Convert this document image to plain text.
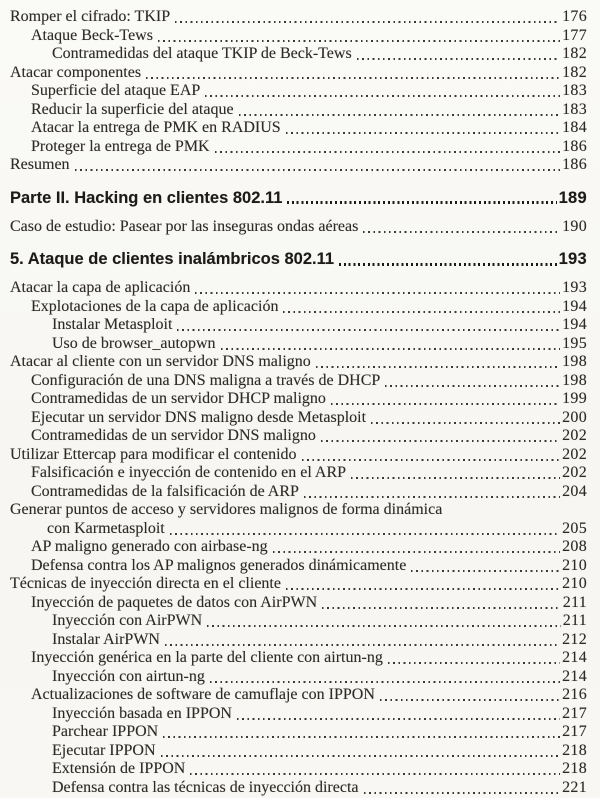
Romper el cifrado: TKIP	176
Ataque Beck-Tews	177
Contramedidas del ataque TKIP de Beck-Tews	182
Atacar componentes	182
Superficie del ataque EAP	183
Reducir la superficie del ataque	183
Atacar la entrega de PMK en RADIUS	184
Proteger la entrega de PMK	186
Resumen	186
Parte II. Hacking en clientes 802.11	189
Caso de estudio: Pasear por las inseguras ondas aéreas	190
5. Ataque de clientes inalámbricos 802.11	193
Atacar la capa de aplicación	193
Explotaciones de la capa de aplicación	194
Instalar Metasploit	194
Uso de browser_autopwn	195
Atacar al cliente con un servidor DNS maligno	198
Configuración de una DNS maligna a través de DHCP	198
Contramedidas de un servidor DHCP maligno	199
Ejecutar un servidor DNS maligno desde Metasploit	200
Contramedidas de un servidor DNS maligno	202
Utilizar Ettercap para modificar el contenido	202
Falsificación e inyección de contenido en el ARP	202
Contramedidas de la falsificación de ARP	204
Generar puntos de acceso y servidores malignos de forma dinámica
con Karmetasploit	205
AP maligno generado con airbase-ng	208
Defensa contra los AP malignos generados dinámicamente	210
Técnicas de inyección directa en el cliente	210
Inyección de paquetes de datos con AirPWN	211
Inyección con AirPWN	211
Instalar AirPWN	212
Inyección genérica en la parte del cliente con airtun-ng	214
Inyección con airtun-ng	214
Actualizaciones de software de camuflaje con IPPON	216
Inyección basada en IPPON	217
Parchear IPPON	217
Ejecutar IPPON	218
Extensión de IPPON	218
Defensa contra las técnicas de inyección directa	221
